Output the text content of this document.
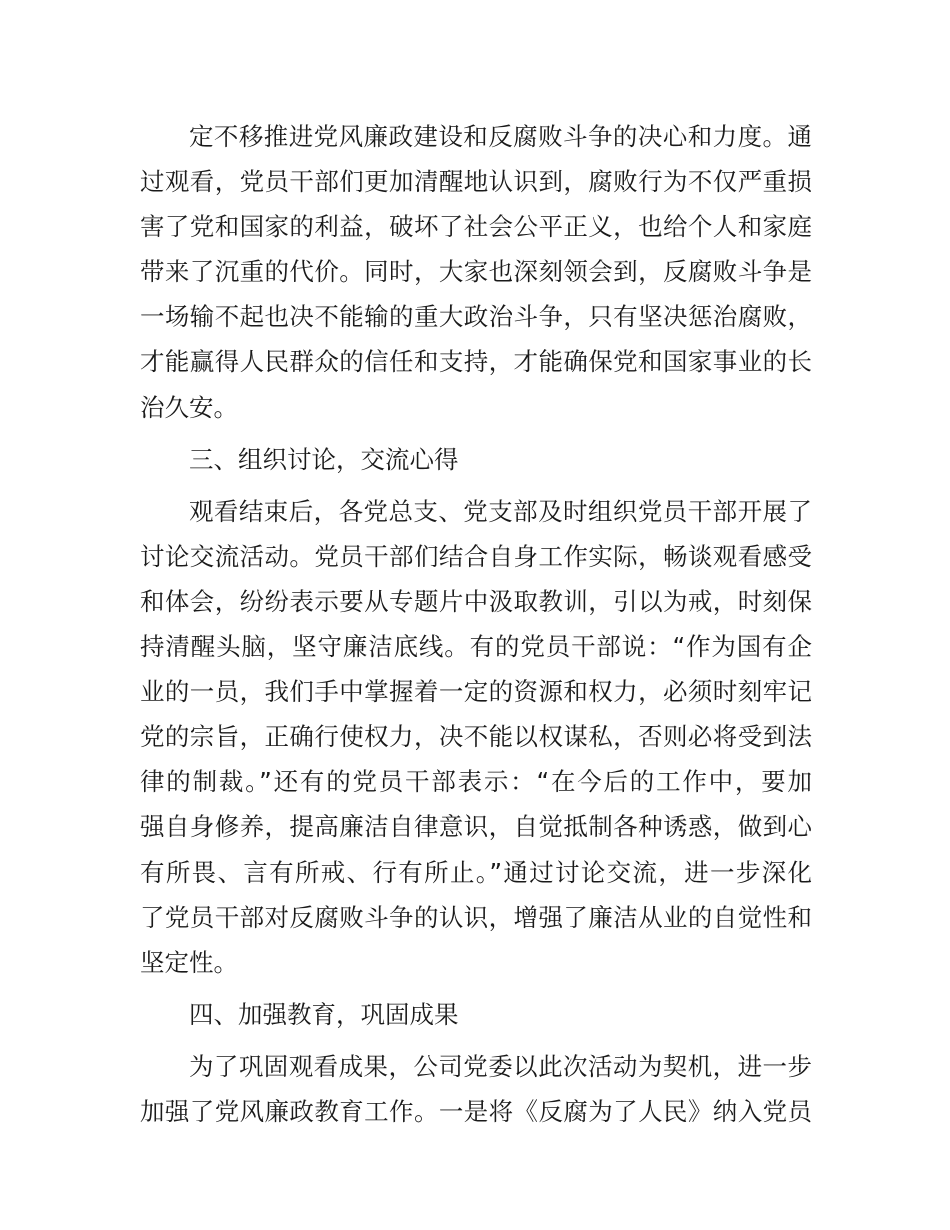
定不移推进党风廉政建设和反腐败斗争的决心和力度。通
过观看，党员干部们更加清醒地认识到，腐败行为不仅严重损
害了党和国家的利益，破坏了社会公平正义，也给个人和家庭
带来了沉重的代价。同时，大家也深刻领会到，反腐败斗争是
一场输不起也决不能输的重大政治斗争，只有坚决惩治腐败，
才能赢得人民群众的信任和支持，才能确保党和国家事业的长
治久安。
三、组织讨论，交流心得
观看结束后，各党总支、党支部及时组织党员干部开展了
讨论交流活动。党员干部们结合自身工作实际，畅谈观看感受
和体会，纷纷表示要从专题片中汲取教训，引以为戒，时刻保
持清醒头脑，坚守廉洁底线。有的党员干部说：“作为国有企
业的一员，我们手中掌握着一定的资源和权力，必须时刻牢记
党的宗旨，正确行使权力，决不能以权谋私，否则必将受到法
律的制裁。”还有的党员干部表示：“在今后的工作中，要加
强自身修养，提高廉洁自律意识，自觉抵制各种诱惑，做到心
有所畏、言有所戒、行有所止。”通过讨论交流，进一步深化
了党员干部对反腐败斗争的认识，增强了廉洁从业的自觉性和
坚定性。
四、加强教育，巩固成果
为了巩固观看成果，公司党委以此次活动为契机，进一步
加强了党风廉政教育工作。一是将《反腐为了人民》纳入党员
